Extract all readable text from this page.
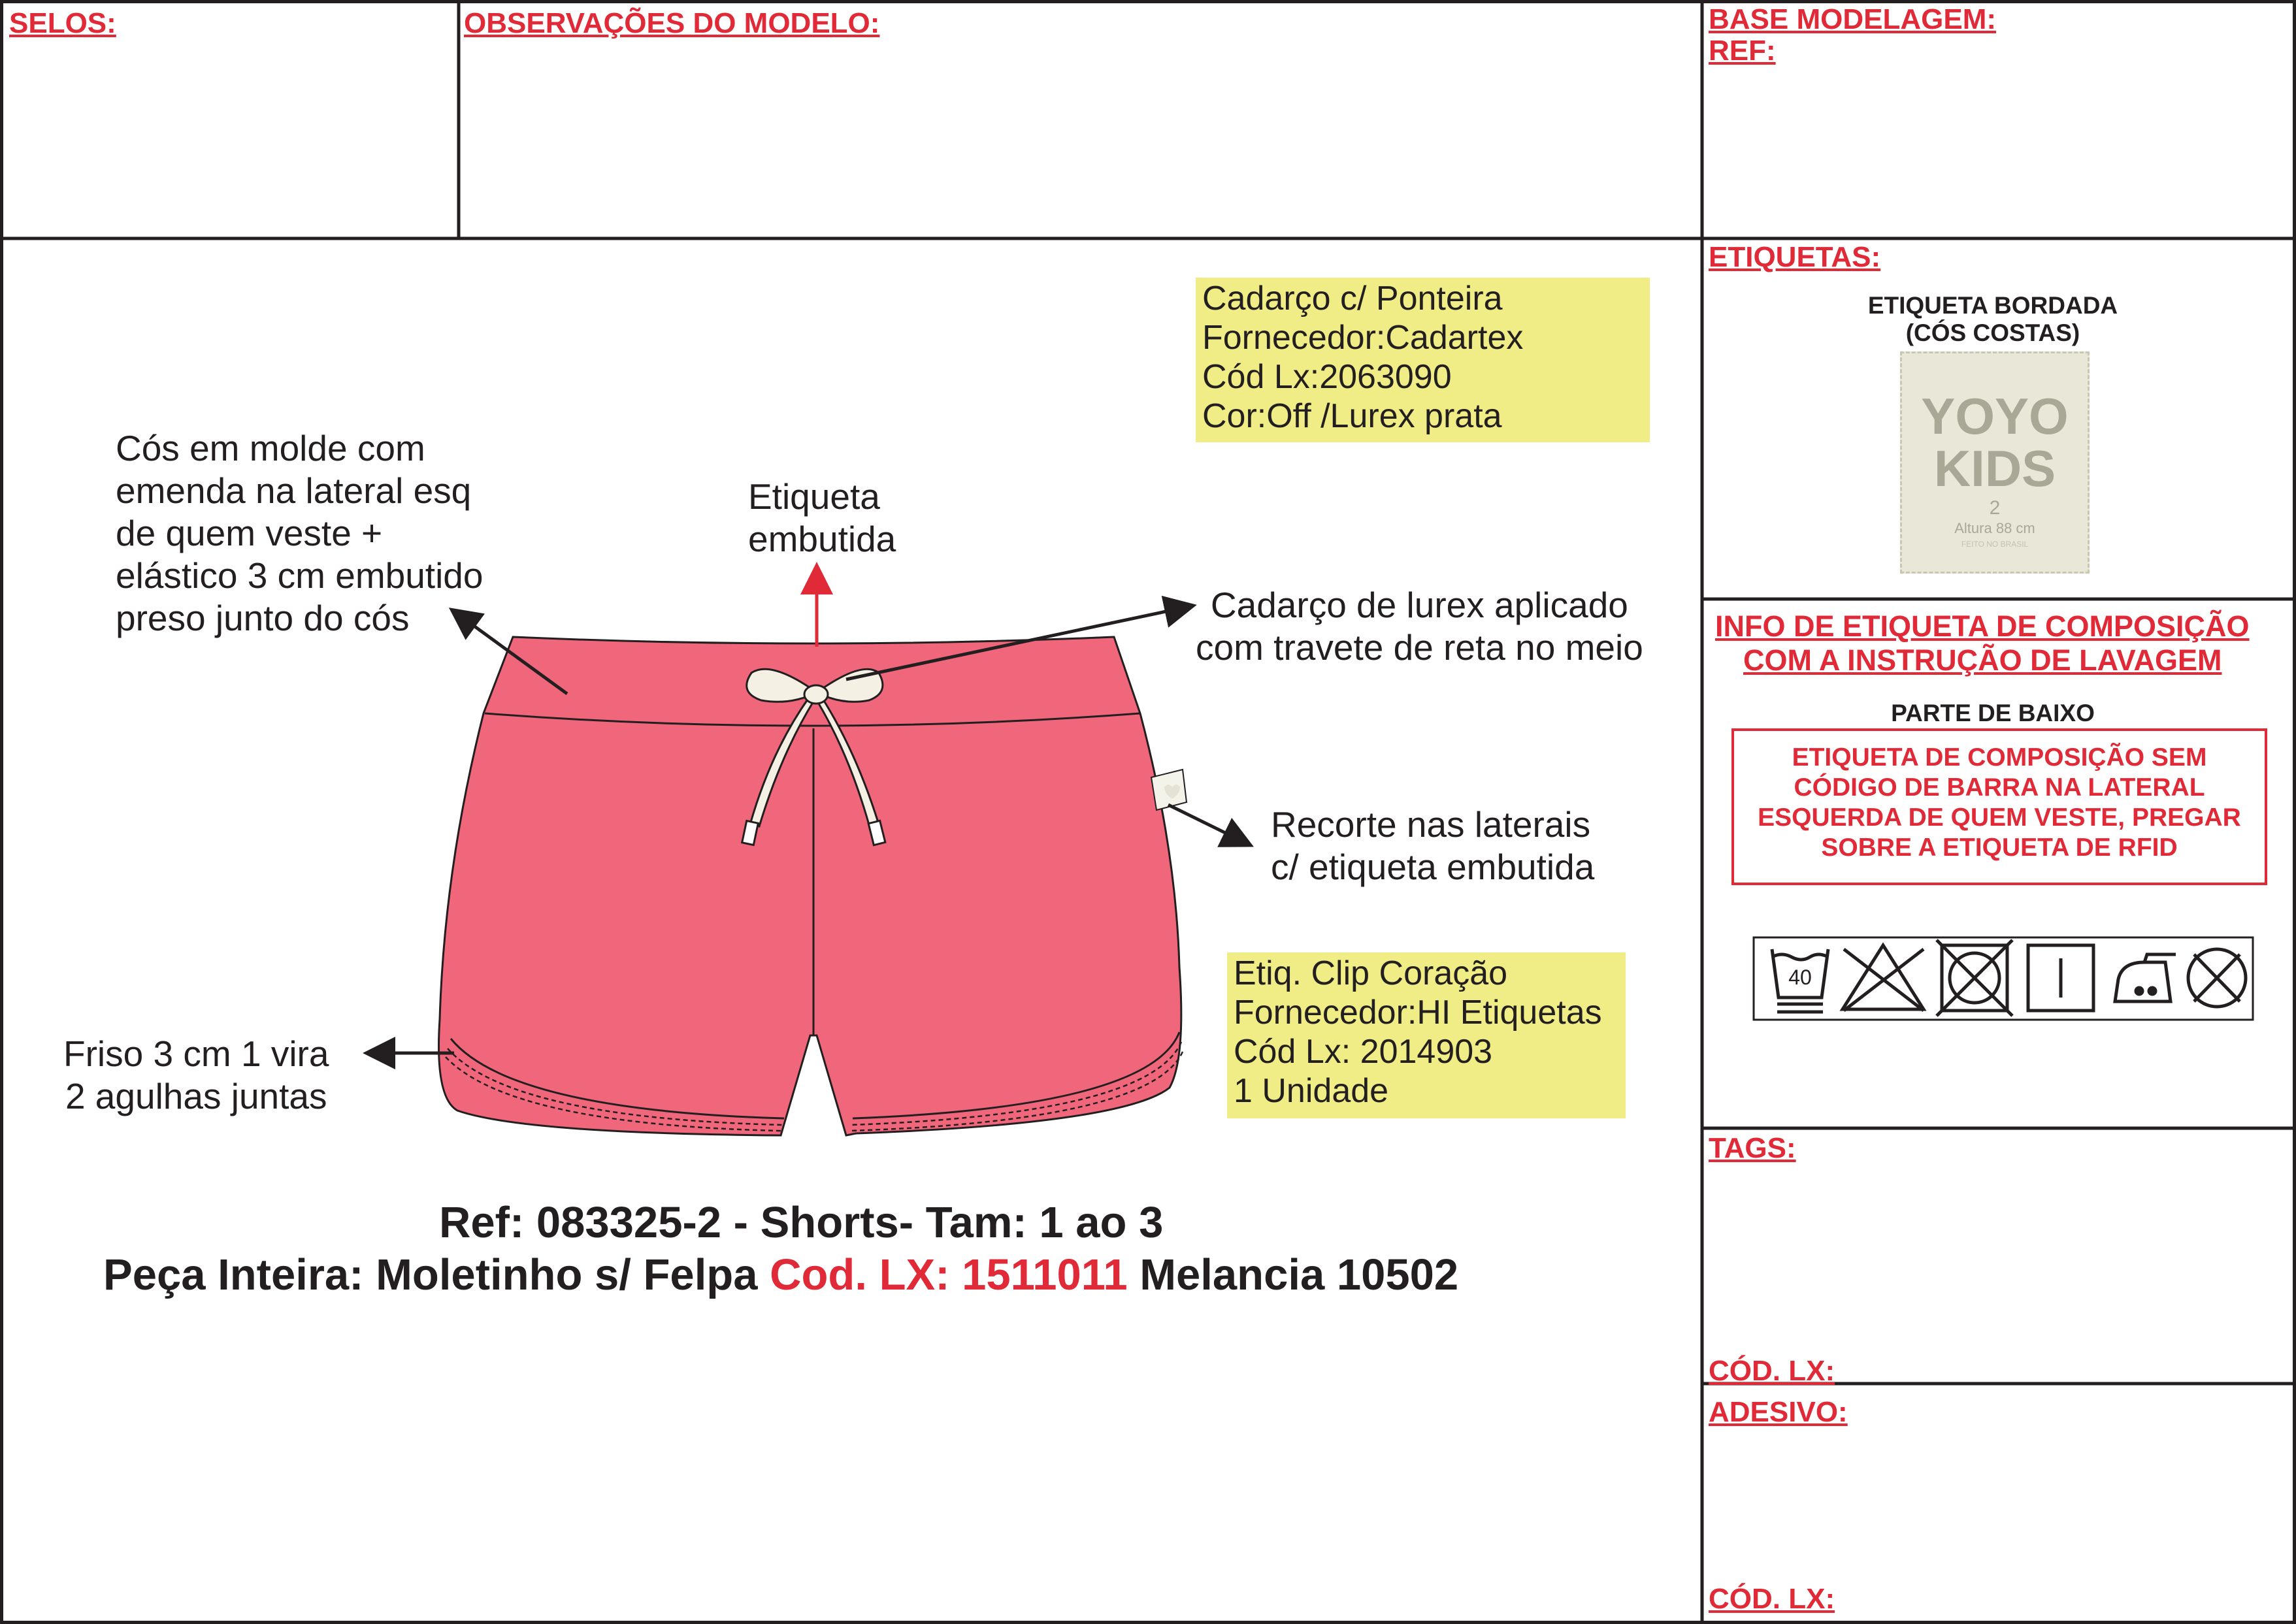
SELOS:	OBSERVAÇÕES DO MODELO:	BASE MODELAGEM:
REF:
ETIQUETAS:
INFO DE ETIQUETA DE COMPOSIÇÃO
COM A INSTRUÇÃO DE LAVAGEM
TAGS:
CÓD. LX:
ADESIVO:
CÓD. LX:
ETIQUETA BORDADA
(CÓS COSTAS)
YOYO
KIDS
2
Altura 88 cm
FEITO NO BRASIL
PARTE DE BAIXO
ETIQUETA DE COMPOSIÇÃO SEM
CÓDIGO DE BARRA NA LATERAL
ESQUERDA DE QUEM VESTE, PREGAR
SOBRE A ETIQUETA DE RFID
40
Cadarço c/ Ponteira
Fornecedor:Cadartex
Cód Lx:2063090
Cor:Off /Lurex prata
Etiq. Clip Coração
Fornecedor:HI Etiquetas
Cód Lx: 2014903
1 Unidade
Cós em molde com
emenda na lateral esq
de quem veste +
elástico 3 cm embutido
preso junto do cós
Etiqueta
embutida
Cadarço de lurex aplicado
com travete de reta no meio
Recorte nas laterais
c/ etiqueta embutida
Friso 3 cm 1 vira
2 agulhas juntas
Ref: 083325-2 - Shorts- Tam: 1 ao 3
Peça Inteira: Moletinho s/ Felpa Cod. LX: 1511011 Melancia 10502
